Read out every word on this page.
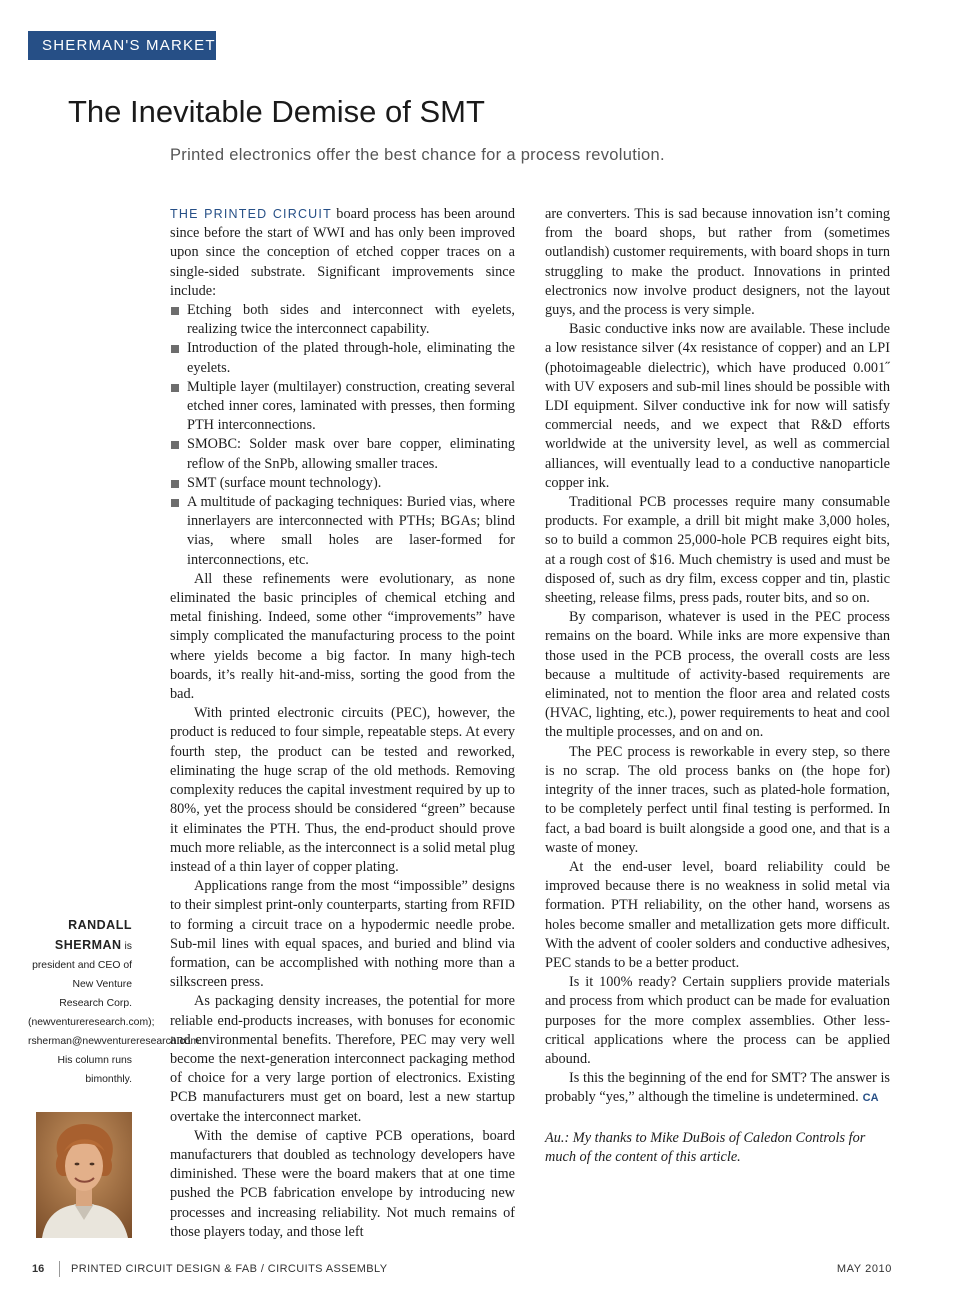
SHERMAN'S MARKET
The Inevitable Demise of SMT
Printed electronics offer the best chance for a process revolution.

THE PRINTED CIRCUIT board process has been around since before the start of WWI and has only been improved upon since the conception of etched copper traces on a single-sided substrate. Significant improvements since include:

Etching both sides and interconnect with eyelets, realizing twice the interconnect capability.
Introduction of the plated through-hole, eliminating the eyelets.
Multiple layer (multilayer) construction, creating several etched inner cores, laminated with presses, then forming PTH interconnections.
SMOBC: Solder mask over bare copper, eliminating reflow of the SnPb, allowing smaller traces.
SMT (surface mount technology).
A multitude of packaging techniques: Buried vias, where innerlayers are interconnected with PTHs; BGAs; blind vias, where small holes are laser-formed for interconnections, etc.

All these refinements were evolutionary, as none eliminated the basic principles of chemical etching and metal finishing. Indeed, some other “improvements” have simply complicated the manufacturing process to the point where yields become a big factor. In many high-tech boards, it’s really hit-and-miss, sorting the good from the bad.

With printed electronic circuits (PEC), however, the product is reduced to four simple, repeatable steps. At every fourth step, the product can be tested and reworked, eliminating the huge scrap of the old methods. Removing complexity reduces the capital investment required by up to 80%, yet the process should be considered “green” because it eliminates the PTH. Thus, the end-product should prove much more reliable, as the interconnect is a solid metal plug instead of a thin layer of copper plating.

Applications range from the most “impossible” designs to their simplest print-only counterparts, starting from RFID to forming a circuit trace on a hypodermic needle probe. Sub-mil lines with equal spaces, and buried and blind via formation, can be accomplished with nothing more than a silkscreen press.

As packaging density increases, the potential for more reliable end-products increases, with bonuses for economic and environmental benefits. Therefore, PEC may very well become the next-generation interconnect packaging method of choice for a very large portion of electronics. Existing PCB manufacturers must get on board, lest a new startup overtake the interconnect market.

With the demise of captive PCB operations, board manufacturers that doubled as technology developers have diminished. These were the board makers that at one time pushed the PCB fabrication envelope by introducing new processes and increasing reliability. Not much remains of those players today, and those left

are converters. This is sad because innovation isn’t coming from the board shops, but rather from (sometimes outlandish) customer requirements, with board shops in turn struggling to make the product. Innovations in printed electronics now involve product designers, not the layout guys, and the process is very simple.

Basic conductive inks now are available. These include a low resistance silver (4x resistance of copper) and an LPI (photoimageable dielectric), which have produced 0.001˝ with UV exposers and sub-mil lines should be possible with LDI equipment. Silver conductive ink for now will satisfy commercial needs, and we expect that R&D efforts worldwide at the university level, as well as commercial alliances, will eventually lead to a conductive nanoparticle copper ink.

Traditional PCB processes require many consumable products. For example, a drill bit might make 3,000 holes, so to build a common 25,000-hole PCB requires eight bits, at a rough cost of $16. Much chemistry is used and must be disposed of, such as dry film, excess copper and tin, plastic sheeting, release films, press pads, router bits, and so on.

By comparison, whatever is used in the PEC process remains on the board. While inks are more expensive than those used in the PCB process, the overall costs are less because a multitude of activity-based requirements are eliminated, not to mention the floor area and related costs (HVAC, lighting, etc.), power requirements to heat and cool the multiple processes, and on and on.

The PEC process is reworkable in every step, so there is no scrap. The old process banks on (the hope for) integrity of the inner traces, such as plated-hole formation, to be completely perfect until final testing is performed. In fact, a bad board is built alongside a good one, and that is a waste of money.

At the end-user level, board reliability could be improved because there is no weakness in solid metal via formation. PTH reliability, on the other hand, worsens as holes become smaller and metallization gets more difficult. With the advent of cooler solders and conductive adhesives, PEC stands to be a better product.

Is it 100% ready? Certain suppliers provide materials and process from which product can be made for evaluation purposes for the more complex assemblies. Other less-critical applications where the process can be applied abound.

Is this the beginning of the end for SMT? The answer is probably “yes,” although the timeline is undetermined. CA

Au.: My thanks to Mike DuBois of Caledon Controls for much of the content of this article.

RANDALL SHERMAN is president and CEO of New Venture Research Corp. (newventureresearch.com); rsherman@newventureresearch.com. His column runs bimonthly.
16 PRINTED CIRCUIT DESIGN & FAB / CIRCUITS ASSEMBLY	MAY 2010
